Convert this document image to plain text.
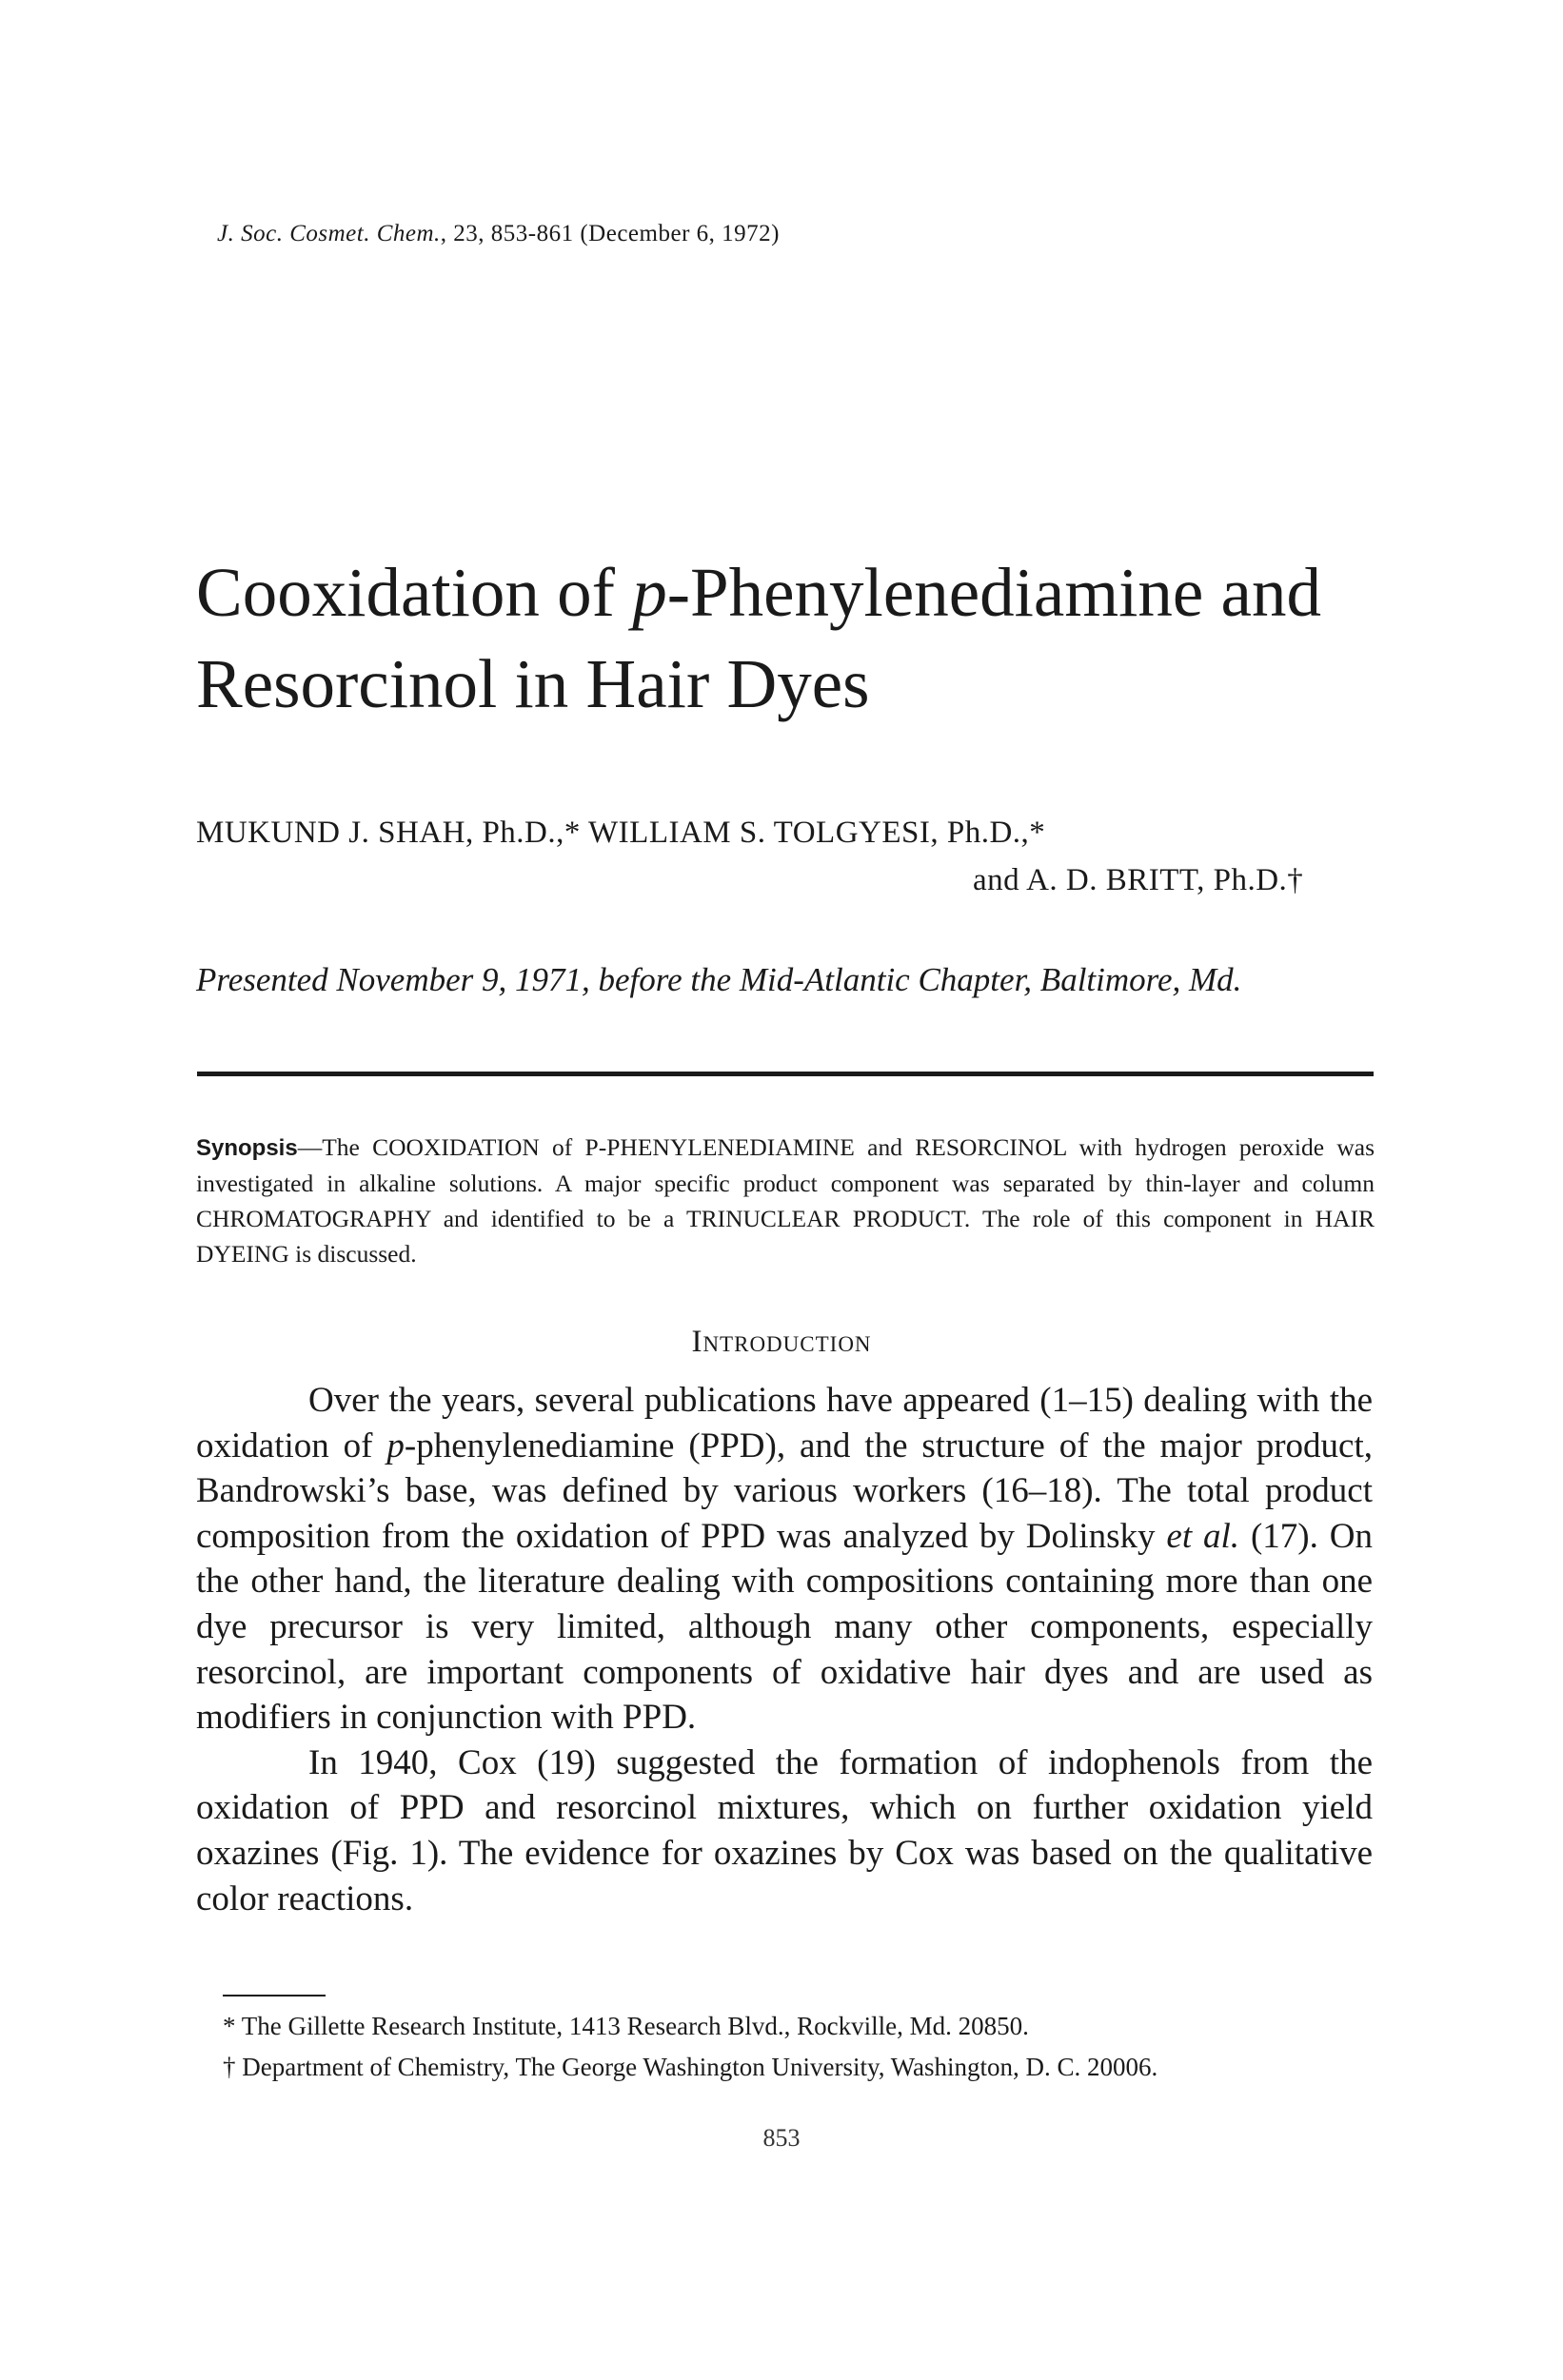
J. Soc. Cosmet. Chem., 23, 853-861 (December 6, 1972)
Cooxidation of p-Phenylenediamine and Resorcinol in Hair Dyes
MUKUND J. SHAH, Ph.D.,* WILLIAM S. TOLGYESI, Ph.D.,*
and A. D. BRITT, Ph.D.†
Presented November 9, 1971, before the Mid-Atlantic Chapter, Baltimore, Md.

Synopsis—The COOXIDATION of P-PHENYLENEDIAMINE and RESORCINOL with hydrogen peroxide was investigated in alkaline solutions. A major specific product component was separated by thin-layer and column CHROMATOGRAPHY and identified to be a TRINUCLEAR PRODUCT. The role of this component in HAIR DYEING is discussed.

Introduction

Over the years, several publications have appeared (1–15) dealing with the oxidation of p-phenylenediamine (PPD), and the structure of the major product, Bandrowski’s base, was defined by various workers (16–18). The total product composition from the oxidation of PPD was analyzed by Dolinsky et al. (17). On the other hand, the literature dealing with compositions containing more than one dye precursor is very limited, although many other components, especially resorcinol, are important components of oxidative hair dyes and are used as modifiers in conjunction with PPD.

In 1940, Cox (19) suggested the formation of indophenols from the oxidation of PPD and resorcinol mixtures, which on further oxidation yield oxazines (Fig. 1). The evidence for oxazines by Cox was based on the qualitative color reactions.

* The Gillette Research Institute, 1413 Research Blvd., Rockville, Md. 20850.
† Department of Chemistry, The George Washington University, Washington, D. C. 20006.
853
